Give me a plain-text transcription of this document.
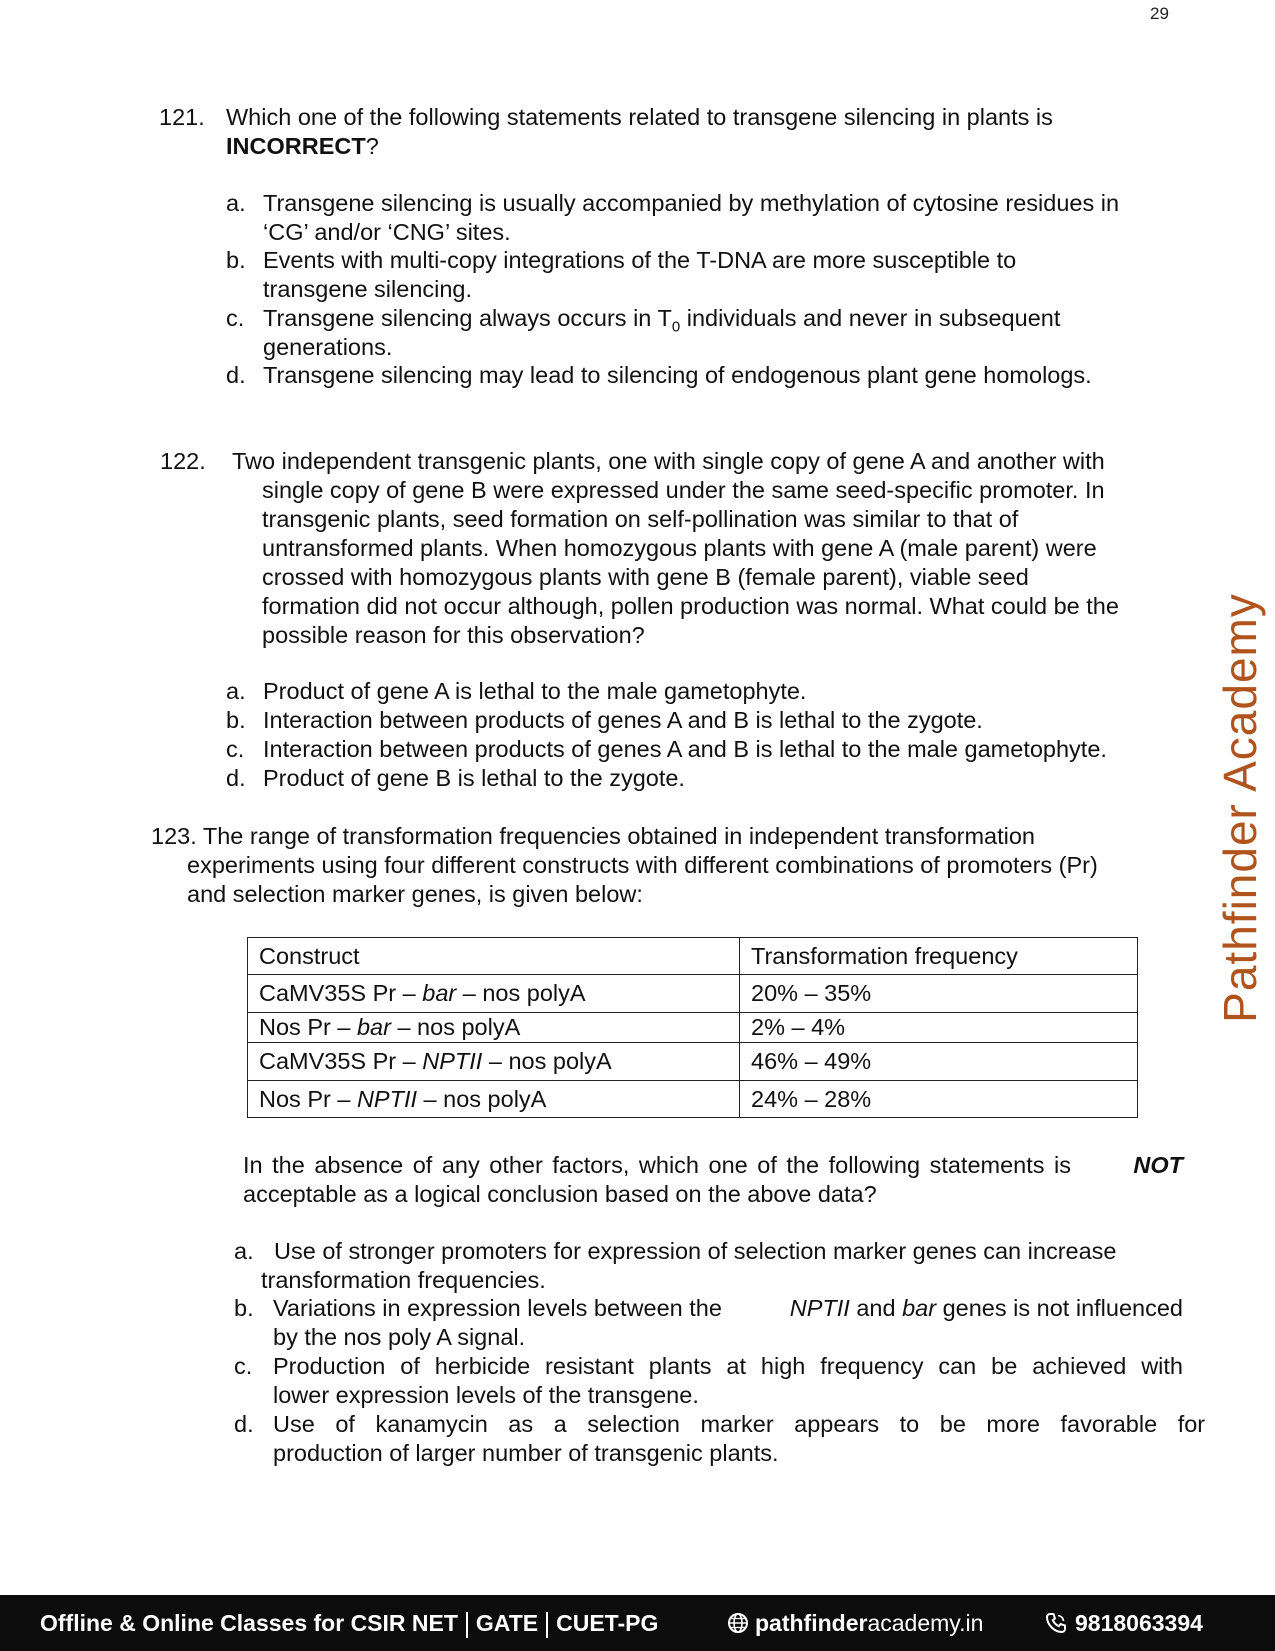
29
121. Which one of the following statements related to transgene silencing in plants is
INCORRECT?
a. Transgene silencing is usually accompanied by methylation of cytosine residues in
‘CG’ and/or ‘CNG’ sites.
b. Events with multi-copy integrations of the T-DNA are more susceptible to
transgene silencing.
c. Transgene silencing always occurs in $T_0$ individuals and never in subsequent
generations.
d. Transgene silencing may lead to silencing of endogenous plant gene homologs.
122. Two independent transgenic plants, one with single copy of gene A and another with
single copy of gene B were expressed under the same seed-specific promoter. In
transgenic plants, seed formation on self-pollination was similar to that of
untransformed plants. When homozygous plants with gene A (male parent) were
crossed with homozygous plants with gene B (female parent), viable seed
formation did not occur although, pollen production was normal. What could be the
possible reason for this observation?
a. Product of gene A is lethal to the male gametophyte.
b. Interaction between products of genes A and B is lethal to the zygote.
c. Interaction between products of genes A and B is lethal to the male gametophyte.
d. Product of gene B is lethal to the zygote.
123. The range of transformation frequencies obtained in independent transformation
experiments using four different constructs with different combinations of promoters (Pr)
and selection marker genes, is given below:
Construct	Transformation frequency
CaMV35S Pr – bar – nos polyA	20% – 35%
Nos Pr – bar – nos polyA	2% – 4%
CaMV35S Pr – NPTII – nos polyA	46% – 49%
Nos Pr – NPTII – nos polyA	24% – 28%
In the absence of any other factors, which one of the following statements is	NOT
acceptable as a logical conclusion based on the above data?
a. Use of stronger promoters for expression of selection marker genes can increase
transformation frequencies.
b. Variations in expression levels between the	NPTII and bar genes is not influenced
by the nos poly A signal.
c. Production of herbicide resistant plants at high frequency can be achieved with
lower expression levels of the transgene.
d. Use of kanamycin as a selection marker appears to be more favorable for
production of larger number of transgenic plants.
Pathfinder Academy
Offline & Online Classes for CSIR NET GATE CUET-PG	pathfinderacademy.in	9818063394
